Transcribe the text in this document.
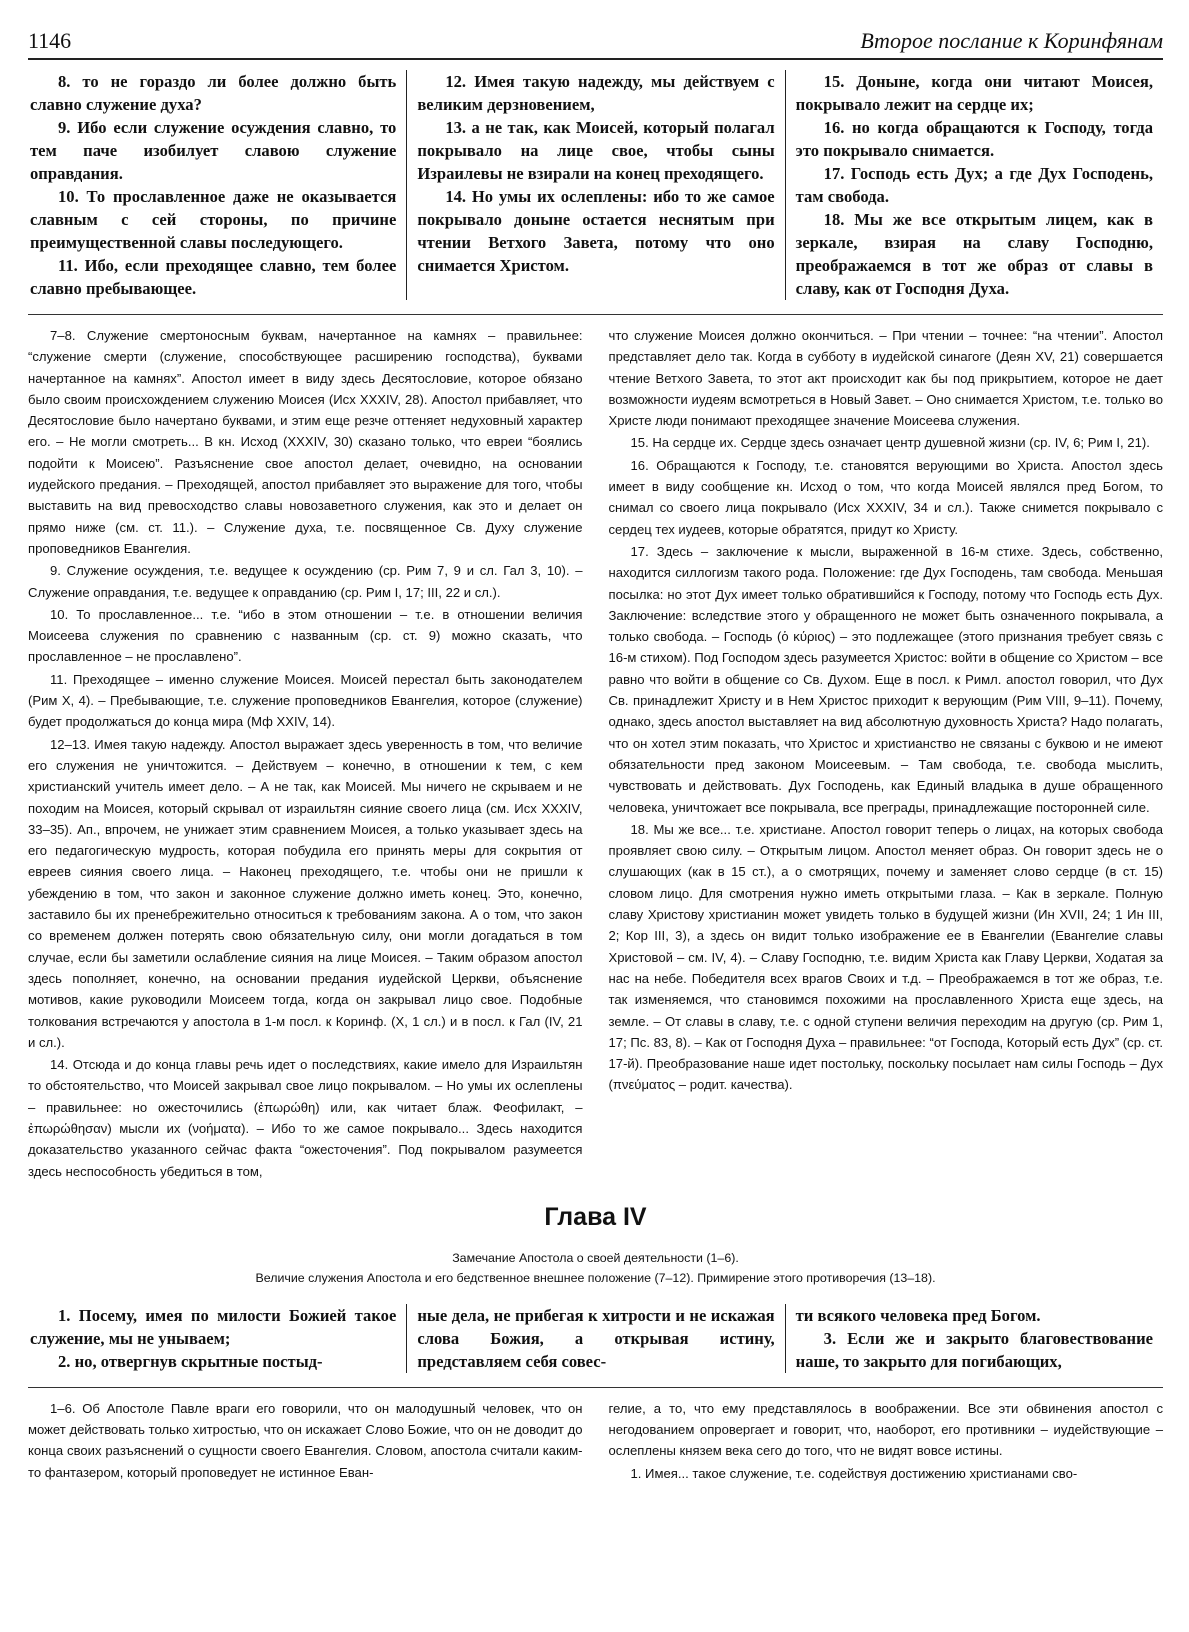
1146	Второе послание к Коринфянам

8. то не гораздо ли более должно быть славно служение духа?

9. Ибо если служение осуждения славно, то тем паче изобилует славою служение оправдания.

10. То прославленное даже не оказывается славным с сей стороны, по причине преимущественной славы последующего.

11. Ибо, если преходящее славно, тем более славно пребывающее.

12. Имея такую надежду, мы действуем с великим дерзновением,

13. а не так, как Моисей, который полагал покрывало на лице свое, чтобы сыны Израилевы не взирали на конец преходящего.

14. Но умы их ослеплены: ибо то же самое покрывало доныне остается неснятым при чтении Ветхого Завета, потому что оно снимается Христом.

15. Доныне, когда они читают Моисея, покрывало лежит на сердце их;

16. но когда обращаются к Господу, тогда это покрывало снимается.

17. Господь есть Дух; а где Дух Господень, там свобода.

18. Мы же все открытым лицем, как в зеркале, взирая на славу Господню, преображаемся в тот же образ от славы в славу, как от Господня Духа.

7–8. Служение смертоносным буквам, начертанное на камнях – правильнее: “служение смерти (служение, способствующее расширению господства), буквами начертанное на камнях”. Апостол имеет в виду здесь Десятословие, которое обязано было своим происхождением служению Моисея (Исх XXXIV, 28). Апостол прибавляет, что Десятословие было начертано буквами, и этим еще резче оттеняет недуховный характер его. – Не могли смотреть... В кн. Исход (XXXIV, 30) сказано только, что евреи “боялись подойти к Моисею”. Разъяснение свое апостол делает, очевидно, на основании иудейского предания. – Преходящей, апостол прибавляет это выражение для того, чтобы выставить на вид превосходство славы новозаветного служения, как это и делает он прямо ниже (см. ст. 11.). – Служение духа, т.е. посвященное Св. Духу служение проповедников Евангелия.

9. Служение осуждения, т.е. ведущее к осуждению (ср. Рим 7, 9 и сл. Гал 3, 10). – Служение оправдания, т.е. ведущее к оправданию (ср. Рим I, 17; III, 22 и сл.).

10. То прославленное... т.е. “ибо в этом отношении – т.е. в отношении величия Моисеева служения по сравнению с названным (ср. ст. 9) можно сказать, что прославленное – не прославлено”.

11. Преходящее – именно служение Моисея. Моисей перестал быть законодателем (Рим X, 4). – Пребывающие, т.е. служение проповедников Евангелия, которое (служение) будет продолжаться до конца мира (Мф XXIV, 14).

12–13. Имея такую надежду. Апостол выражает здесь уверенность в том, что величие его служения не уничтожится. – Действуем – конечно, в отношении к тем, с кем христианский учитель имеет дело. – А не так, как Моисей. Мы ничего не скрываем и не походим на Моисея, который скрывал от израильтян сияние своего лица (см. Исх XXXIV, 33–35). Ап., впрочем, не унижает этим сравнением Моисея, а только указывает здесь на его педагогическую мудрость, которая побудила его принять меры для сокрытия от евреев сияния своего лица. – Наконец преходящего, т.е. чтобы они не пришли к убеждению в том, что закон и законное служение должно иметь конец. Это, конечно, заставило бы их пренебрежительно относиться к требованиям закона. А о том, что закон со временем должен потерять свою обязательную силу, они могли догадаться в том случае, если бы заметили ослабление сияния на лице Моисея. – Таким образом апостол здесь пополняет, конечно, на основании предания иудейской Церкви, объяснение мотивов, какие руководили Моисеем тогда, когда он закрывал лицо свое. Подобные толкования встречаются у апостола в 1-м посл. к Коринф. (X, 1 сл.) и в посл. к Гал (IV, 21 и сл.).

14. Отсюда и до конца главы речь идет о последствиях, какие имело для Израильтян то обстоятельство, что Моисей закрывал свое лицо покрывалом. – Но умы их ослеплены – правильнее: но ожесточились (ἐπωρώθη) или, как читает блаж. Феофилакт, – ἐπωρώθησαν) мысли их (νοήματα). – Ибо то же самое покрывало... Здесь находится доказательство указанного сейчас факта “ожесточения”. Под покрывалом разумеется здесь неспособность убедиться в том,

что служение Моисея должно окончиться. – При чтении – точнее: “на чтении”. Апостол представляет дело так. Когда в субботу в иудейской синагоге (Деян XV, 21) совершается чтение Ветхого Завета, то этот акт происходит как бы под прикрытием, которое не дает возможности иудеям всмотреться в Новый Завет. – Оно снимается Христом, т.е. только во Христе люди понимают преходящее значение Моисеева служения.

15. На сердце их. Сердце здесь означает центр душевной жизни (ср. IV, 6; Рим I, 21).

16. Обращаются к Господу, т.е. становятся верующими во Христа. Апостол здесь имеет в виду сообщение кн. Исход о том, что когда Моисей являлся пред Богом, то снимал со своего лица покрывало (Исх XXXIV, 34 и сл.). Также снимется покрывало с сердец тех иудеев, которые обратятся, придут ко Христу.

17. Здесь – заключение к мысли, выраженной в 16-м стихе. Здесь, собственно, находится силлогизм такого рода. Положение: где Дух Господень, там свобода. Меньшая посылка: но этот Дух имеет только обратившийся к Господу, потому что Господь есть Дух. Заключение: вследствие этого у обращенного не может быть означенного покрывала, а только свобода. – Господь (ὁ κύριος) – это подлежащее (этого признания требует связь с 16-м стихом). Под Господом здесь разумеется Христос: войти в общение со Христом – все равно что войти в общение со Св. Духом. Еще в посл. к Римл. апостол говорил, что Дух Св. принадлежит Христу и в Нем Христос приходит к верующим (Рим VIII, 9–11). Почему, однако, здесь апостол выставляет на вид абсолютную духовность Христа? Надо полагать, что он хотел этим показать, что Христос и христианство не связаны с буквою и не имеют обязательности пред законом Моисеевым. – Там свобода, т.е. свобода мыслить, чувствовать и действовать. Дух Господень, как Единый владыка в душе обращенного человека, уничтожает все покрывала, все преграды, принадлежащие посторонней силе.

18. Мы же все... т.е. христиане. Апостол говорит теперь о лицах, на которых свобода проявляет свою силу. – Открытым лицом. Апостол меняет образ. Он говорит здесь не о слушающих (как в 15 ст.), а о смотрящих, почему и заменяет слово сердце (в ст. 15) словом лицо. Для смотрения нужно иметь открытыми глаза. – Как в зеркале. Полную славу Христову христианин может увидеть только в будущей жизни (Ин XVII, 24; 1 Ин III, 2; Кор III, 3), а здесь он видит только изображение ее в Евангелии (Евангелие славы Христовой – см. IV, 4). – Славу Господню, т.е. видим Христа как Главу Церкви, Ходатая за нас на небе. Победителя всех врагов Своих и т.д. – Преображаемся в тот же образ, т.е. так изменяемся, что становимся похожими на прославленного Христа еще здесь, на земле. – От славы в славу, т.е. с одной ступени величия переходим на другую (ср. Рим 1, 17; Пс. 83, 8). – Как от Господня Духа – правильнее: “от Господа, Который есть Дух” (ср. ст. 17-й). Преобразование наше идет постольку, поскольку посылает нам силы Господь – Дух (πνεύματος – родит. качества).

Глава IV
Замечание Апостола о своей деятельности (1–6).
Величие служения Апостола и его бедственное внешнее положение (7–12). Примирение этого противоречия (13–18).

1. Посему, имея по милости Божией такое служение, мы не унываем;

2. но, отвергнув скрытные постыд-

ные дела, не прибегая к хитрости и не искажая слова Божия, а открывая истину, представляем себя совес-

ти всякого человека пред Богом.

3. Если же и закрыто благовествование наше, то закрыто для погибающих,

1–6. Об Апостоле Павле враги его говорили, что он малодушный человек, что он может действовать только хитростью, что он искажает Слово Божие, что он не доводит до конца своих разъяснений о сущности своего Евангелия. Словом, апостола считали каким-то фантазером, который проповедует не истинное Еван-

гелие, а то, что ему представлялось в воображении. Все эти обвинения апостол с негодованием опровергает и говорит, что, наоборот, его противники – иудействующие – ослеплены князем века сего до того, что не видят вовсе истины.

1. Имея... такое служение, т.е. содействуя достижению христианами сво-
